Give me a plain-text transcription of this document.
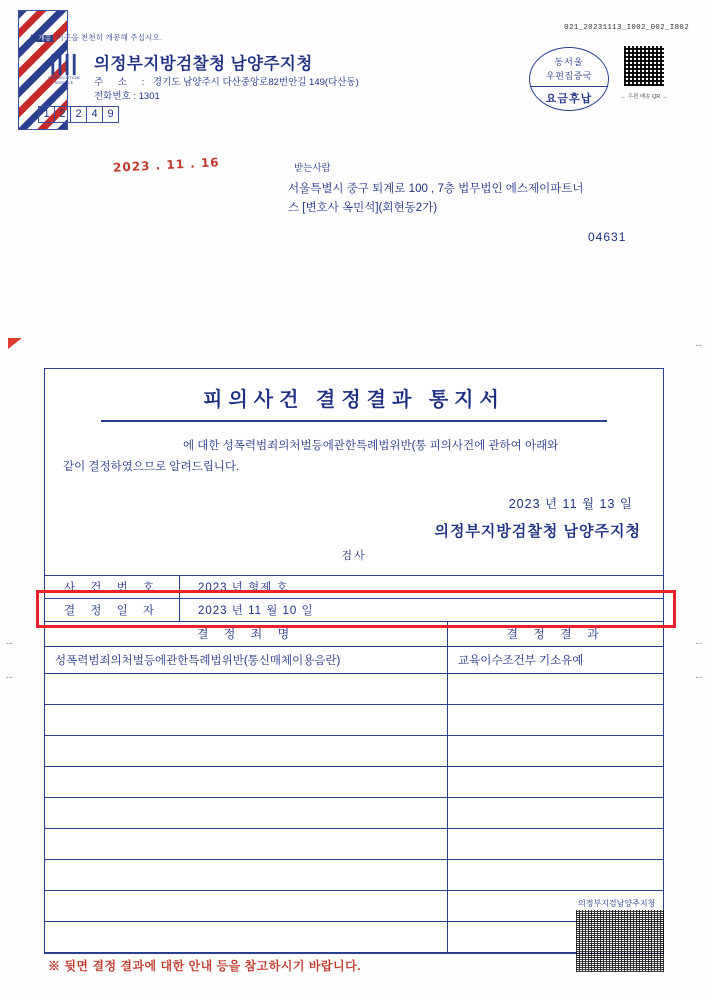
//// 개봉 이곳을 천천히 개봉해 주십시오.
021_20231113_I002_002_I802
||||
PROSECUTION SERVICE
의정부지방검찰청 남양주지청
주 소 : 경기도 남양주시 다산중앙로82번안길 149(다산동)
전화번호 : 1301
1 2 2 4 9
동서울
우편집중국
요금후납	← 우편 배송 QR →
2023 . 11 . 16	받는사람
서울특별시 중구 퇴계로 100 , 7층 법무법인 에스제이파트너
스 [변호사 옥민석](회현동2가)
04631
- -
- -
- -
- -
- -
피의사건 결정결과 통지서
에 대한 성폭력범죄의처벌등에관한특례법위반(통 피의사건에 관하여 아래와
같이 결정하였으므로 알려드립니다.
2023 년 11 월 13 일
의정부지방검찰청 남양주지청
검사
사 건 번 호	2023 년 형제 호
결 정 일 자	2023 년 11 월 10 일
결 정 죄 명	결 정 결 과
성폭력범죄의처벌등에관한특례법위반(통신매체이용음란)	교육이수조건부 기소유예

의정부지검남양주지청
※ 뒷면 결정 결과에 대한 안내 등을 참고하시기 바랍니다.
